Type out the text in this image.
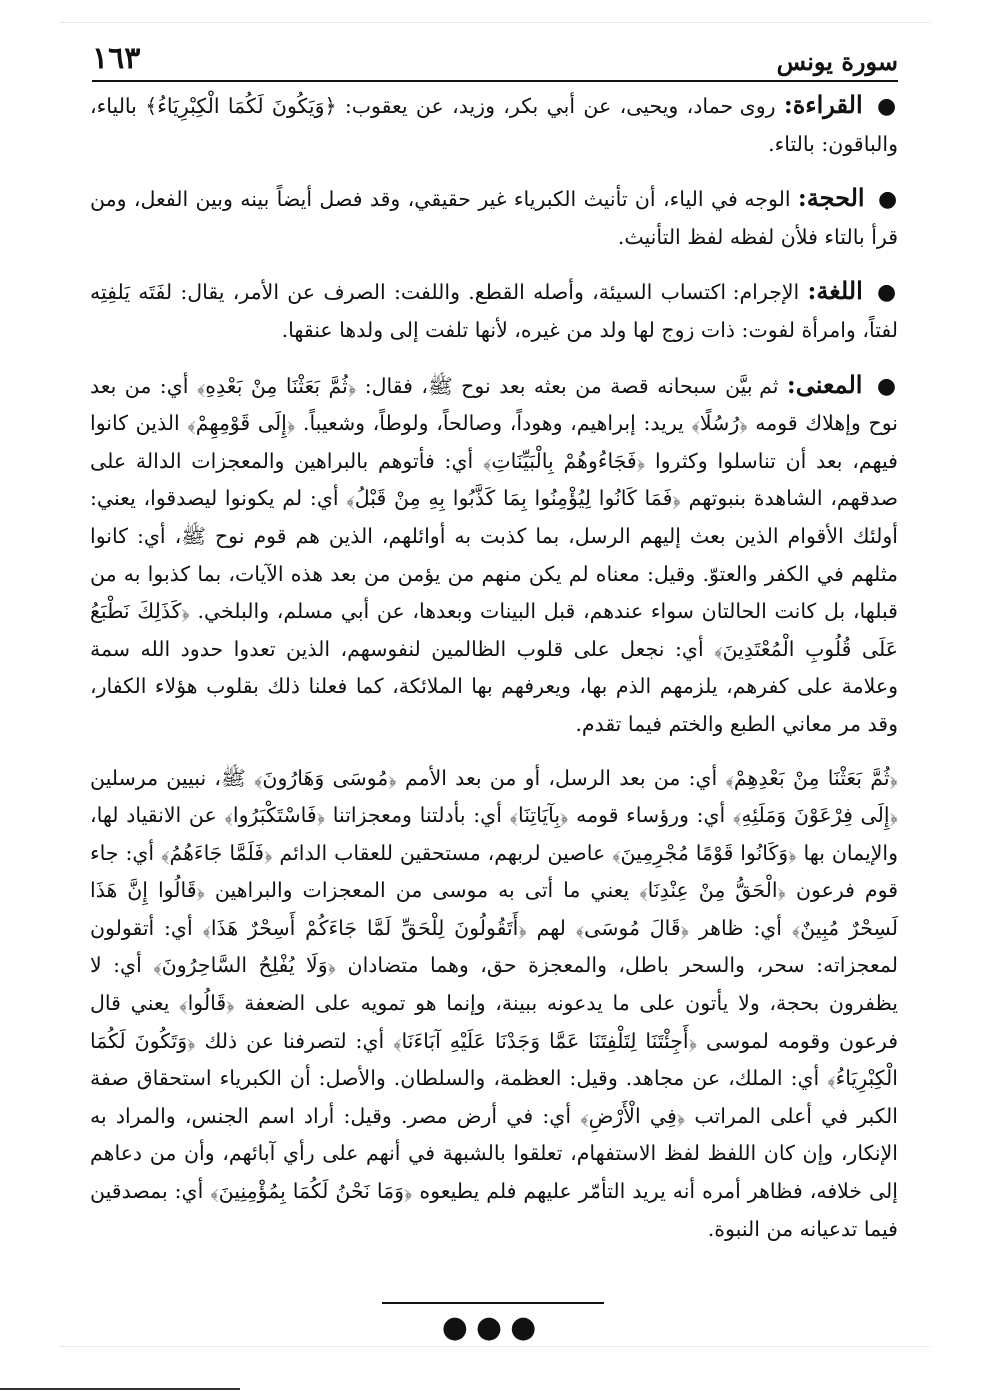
سورة يونس
١٦٣

● القراءة: روى حماد، ويحيى، عن أبي بكر، وزيد، عن يعقوب: ﴿وَيَكُونَ لَكُمَا الْكِبْرِيَاءُ﴾ بالياء، والباقون: بالتاء.

● الحجة: الوجه في الياء، أن تأنيث الكبرياء غير حقيقي، وقد فصل أيضاً بينه وبين الفعل، ومن قرأ بالتاء فلأن لفظه لفظ التأنيث.

● اللغة: الإجرام: اكتساب السيئة، وأصله القطع. واللفت: الصرف عن الأمر، يقال: لفَتَه يَلفِتِه لفتاً، وامرأة لفوت: ذات زوج لها ولد من غيره، لأنها تلفت إلى ولدها عنقها.

● المعنى: ثم بيَّن سبحانه قصة من بعثه بعد نوح ﷺ، فقال: ﴿ثُمَّ بَعَثْنَا مِنْ بَعْدِهِ﴾ أي: من بعد نوح وإهلاك قومه ﴿رُسُلًا﴾ يريد: إبراهيم، وهوداً، وصالحاً، ولوطاً، وشعيباً. ﴿إِلَى قَوْمِهِمْ﴾ الذين كانوا فيهم، بعد أن تناسلوا وكثروا ﴿فَجَاءُوهُمْ بِالْبَيِّنَاتِ﴾ أي: فأتوهم بالبراهين والمعجزات الدالة على صدقهم، الشاهدة بنبوتهم ﴿فَمَا كَانُوا لِيُؤْمِنُوا بِمَا كَذَّبُوا بِهِ مِنْ قَبْلُ﴾ أي: لم يكونوا ليصدقوا، يعني: أولئك الأقوام الذين بعث إليهم الرسل، بما كذبت به أوائلهم، الذين هم قوم نوح ﷺ، أي: كانوا مثلهم في الكفر والعتوّ. وقيل: معناه لم يكن منهم من يؤمن من بعد هذه الآيات، بما كذبوا به من قبلها، بل كانت الحالتان سواء عندهم، قبل البينات وبعدها، عن أبي مسلم، والبلخي. ﴿كَذَلِكَ نَطْبَعُ عَلَى قُلُوبِ الْمُعْتَدِينَ﴾ أي: نجعل على قلوب الظالمين لنفوسهم، الذين تعدوا حدود الله سمة وعلامة على كفرهم، يلزمهم الذم بها، ويعرفهم بها الملائكة، كما فعلنا ذلك بقلوب هؤلاء الكفار، وقد مر معاني الطبع والختم فيما تقدم.

﴿ثُمَّ بَعَثْنَا مِنْ بَعْدِهِمْ﴾ أي: من بعد الرسل، أو من بعد الأمم ﴿مُوسَى وَهَارُونَ﴾ ﷺ، نبيين مرسلين ﴿إِلَى فِرْعَوْنَ وَمَلَئِهِ﴾ أي: ورؤساء قومه ﴿بِآيَاتِنَا﴾ أي: بأدلتنا ومعجزاتنا ﴿فَاسْتَكْبَرُوا﴾ عن الانقياد لها، والإيمان بها ﴿وَكَانُوا قَوْمًا مُجْرِمِينَ﴾ عاصين لربهم، مستحقين للعقاب الدائم ﴿فَلَمَّا جَاءَهُمُ﴾ أي: جاء قوم فرعون ﴿الْحَقُّ مِنْ عِنْدِنَا﴾ يعني ما أتى به موسى من المعجزات والبراهين ﴿قَالُوا إِنَّ هَذَا لَسِحْرٌ مُبِينٌ﴾ أي: ظاهر ﴿قَالَ مُوسَى﴾ لهم ﴿أَتَقُولُونَ لِلْحَقِّ لَمَّا جَاءَكُمْ أَسِحْرٌ هَذَا﴾ أي: أتقولون لمعجزاته: سحر، والسحر باطل، والمعجزة حق، وهما متضادان ﴿وَلَا يُفْلِحُ السَّاحِرُونَ﴾ أي: لا يظفرون بحجة، ولا يأتون على ما يدعونه ببينة، وإنما هو تمويه على الضعفة ﴿قَالُوا﴾ يعني قال فرعون وقومه لموسى ﴿أَجِئْتَنَا لِتَلْفِتَنَا عَمَّا وَجَدْنَا عَلَيْهِ آبَاءَنَا﴾ أي: لتصرفنا عن ذلك ﴿وَتَكُونَ لَكُمَا الْكِبْرِيَاءُ﴾ أي: الملك، عن مجاهد. وقيل: العظمة، والسلطان. والأصل: أن الكبرياء استحقاق صفة الكبر في أعلى المراتب ﴿فِي الْأَرْضِ﴾ أي: في أرض مصر. وقيل: أراد اسم الجنس، والمراد به الإنكار، وإن كان اللفظ لفظ الاستفهام، تعلقوا بالشبهة في أنهم على رأي آبائهم، وأن من دعاهم إلى خلافه، فظاهر أمره أنه يريد التأمّر عليهم فلم يطيعوه ﴿وَمَا نَحْنُ لَكُمَا بِمُؤْمِنِينَ﴾ أي: بمصدقين فيما تدعيانه من النبوة.

●●●
